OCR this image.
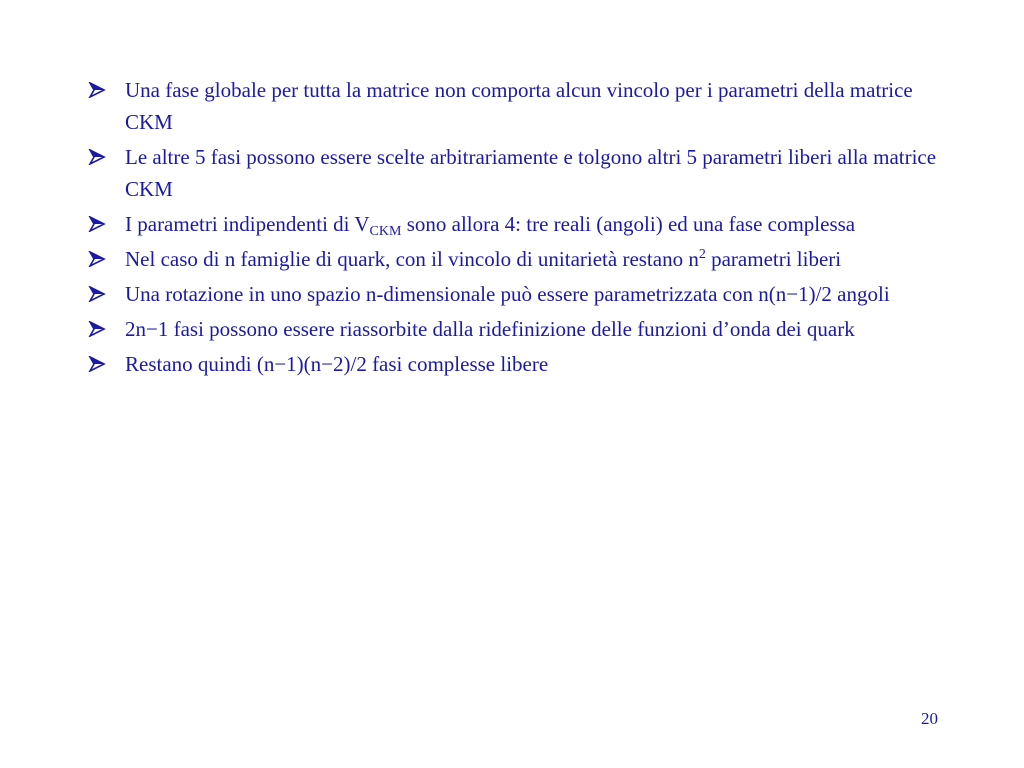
Una fase globale per tutta la matrice non comporta alcun vincolo per i parametri della matrice CKM
Le altre 5 fasi possono essere scelte arbitrariamente e tolgono altri 5 parametri liberi alla matrice CKM
I parametri indipendenti di $V_{CKM}$ sono allora 4: tre reali (angoli) ed una fase complessa
Nel caso di n famiglie di quark, con il vincolo di unitarietà restano $n^2$ parametri liberi
Una rotazione in uno spazio n-dimensionale può essere parametrizzata con n(n−1)/2 angoli
2n−1 fasi possono essere riassorbite dalla ridefinizione delle funzioni d’onda dei quark
Restano quindi (n−1)(n−2)/2 fasi complesse libere
20
